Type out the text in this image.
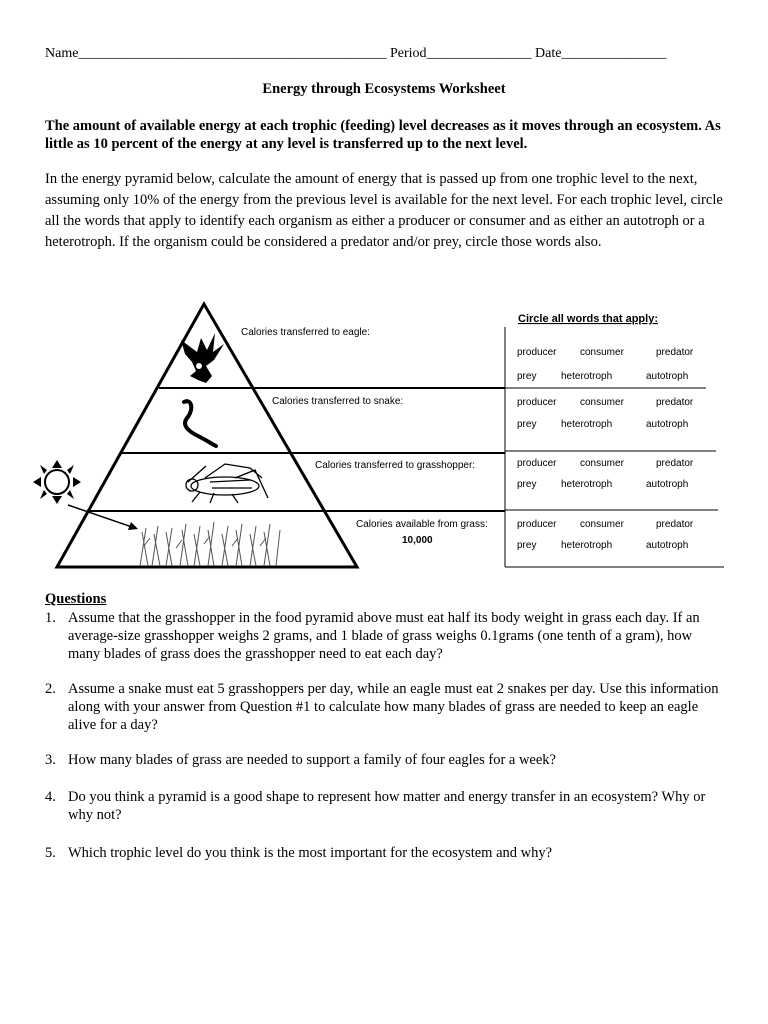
Name____________________________________________ Period_______________ Date_______________
Energy through Ecosystems Worksheet
The amount of available energy at each trophic (feeding) level decreases as it moves through an ecosystem. As little as 10 percent of the energy at any level is transferred up to the next level.
In the energy pyramid below, calculate the amount of energy that is passed up from one trophic level to the next, assuming only 10% of the energy from the previous level is available for the next level. For each trophic level, circle all the words that apply to identify each organism as either a producer or consumer and as either an autotroph or a heterotroph. If the organism could be considered a predator and/or prey, circle those words also.
Circle all words that apply:
Calories transferred to eagle:
Calories transferred to snake:
Calories transferred to grasshopper:
Calories available from grass:
10,000
producer consumer	predator
prey heterotroph	autotroph
producer consumer	predator
prey heterotroph	autotroph
producer consumer	predator
prey heterotroph	autotroph
producer consumer	predator
prey heterotroph	autotroph
Questions
1. Assume that the grasshopper in the food pyramid above must eat half its body weight in grass each day. If an average-size grasshopper weighs 2 grams, and 1 blade of grass weighs 0.1grams (one tenth of a gram), how many blades of grass does the grasshopper need to eat each day?
2. Assume a snake must eat 5 grasshoppers per day, while an eagle must eat 2 snakes per day. Use this information along with your answer from Question #1 to calculate how many blades of grass are needed to keep an eagle alive for a day?
3. How many blades of grass are needed to support a family of four eagles for a week?
4. Do you think a pyramid is a good shape to represent how matter and energy transfer in an ecosystem? Why or why not?
5. Which trophic level do you think is the most important for the ecosystem and why?
